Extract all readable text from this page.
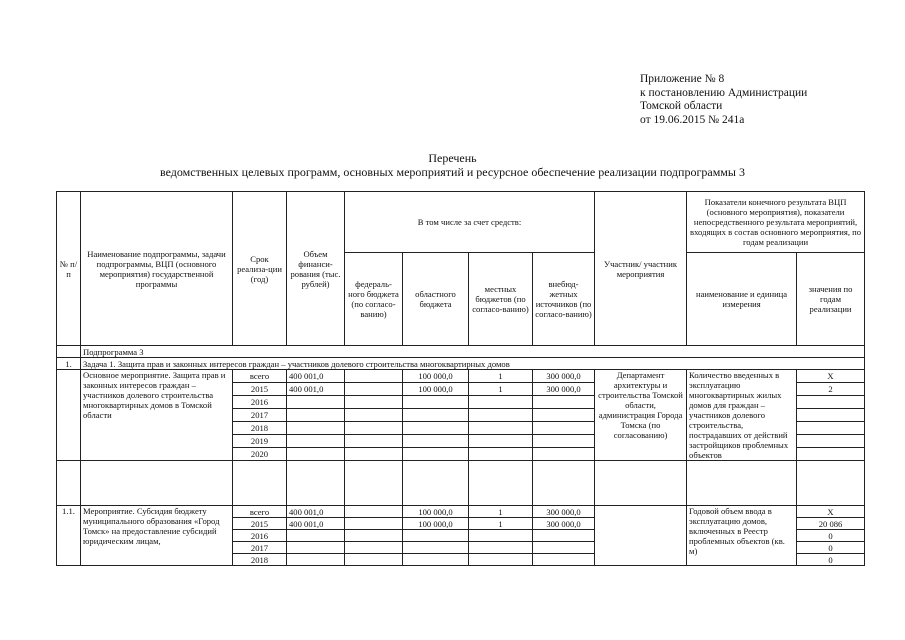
Приложение № 8
к постановлению Администрации
Томской области
от 19.06.2015 № 241а
Перечень
ведомственных целевых программ, основных мероприятий и ресурсное обеспечение реализации подпрограммы 3
№ п/п	Наименование подпрограммы, задачи подпрограммы, ВЦП (основного мероприятия) государственной программы	Срок реализа-ции (год)	Объем финанси-рования (тыс. рублей)	В том числе за счет средств:				Участник/ участник мероприятия	Показатели конечного результата ВЦП (основного мероприятия), показатели непосредственного результата мероприятий, входящих в состав основного мероприятия, по годам реализации	
				федераль-ного бюджета (по согласо-ванию)	областного бюджета	местных бюджетов (по согласо-ванию)	внебюд-жетных источников (по согласо-ванию)		наименование и единица измерения	значения по годам реализации
	Подпрограмма 3									
1.	Задача 1. Защита прав и законных интересов граждан – участников долевого строительства многоквартирных домов									
	Основное мероприятие. Защита прав и законных интересов граждан – участников долевого строительства многоквартирных домов в Томской области	всего	400 001,0		100 000,0	1	300 000,0	Департамент архитектуры и строительства Томской области, администрация Города Томска (по согласованию)	Количество введенных в эксплуатацию многоквартирных жилых домов для граждан – участников долевого строительства, пострадавших от действий застройщиков проблемных объектов	X
		2015	400 001,0		100 000,0	1	300 000,0			2
		2016								
		2017								
		2018								
		2019								
		2020								

1.1.	Мероприятие. Субсидия бюджету муниципального образования «Город Томск» на предоставление субсидий юридическим лицам,	всего	400 001,0		100 000,0	1	300 000,0		Годовой объем ввода в эксплуатацию домов, включенных в Реестр проблемных объектов (кв. м)	X
		2015	400 001,0		100 000,0	1	300 000,0			20 086
		2016								0
		2017								0
		2018								0
